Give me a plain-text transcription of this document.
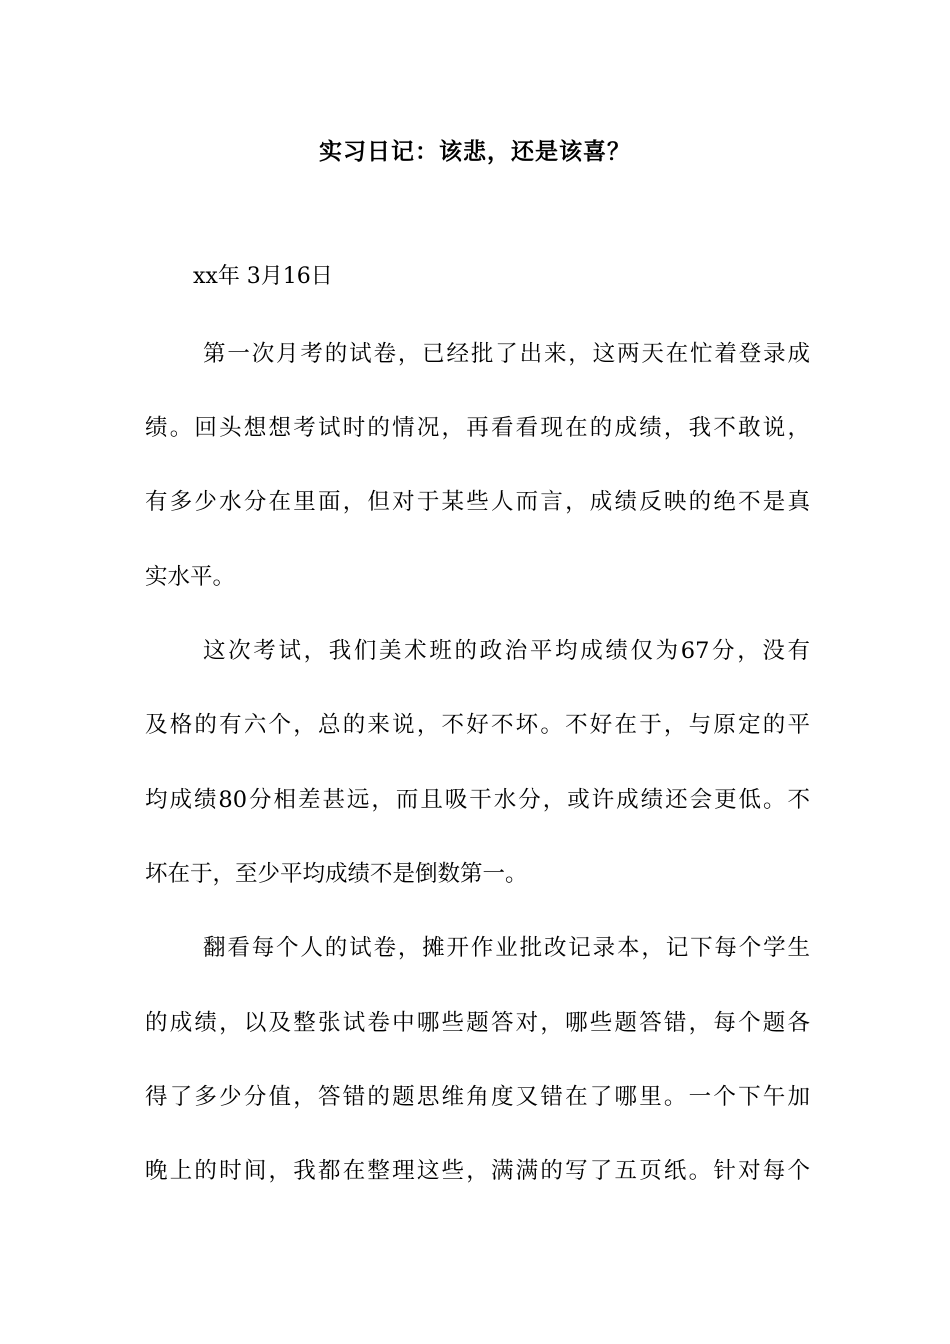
实习日记：该悲，还是该喜？
xx年 3月16日
第一次月考的试卷，已经批了出来，这两天在忙着登录成
绩。回头想想考试时的情况，再看看现在的成绩，我不敢说，
有多少水分在里面，但对于某些人而言，成绩反映的绝不是真
实水平。
这次考试，我们美术班的政治平均成绩仅为67分，没有
及格的有六个，总的来说，不好不坏。不好在于，与原定的平
均成绩80分相差甚远，而且吸干水分，或许成绩还会更低。不
坏在于，至少平均成绩不是倒数第一。
翻看每个人的试卷，摊开作业批改记录本，记下每个学生
的成绩，以及整张试卷中哪些题答对，哪些题答错，每个题各
得了多少分值，答错的题思维角度又错在了哪里。一个下午加
晚上的时间，我都在整理这些，满满的写了五页纸。针对每个
